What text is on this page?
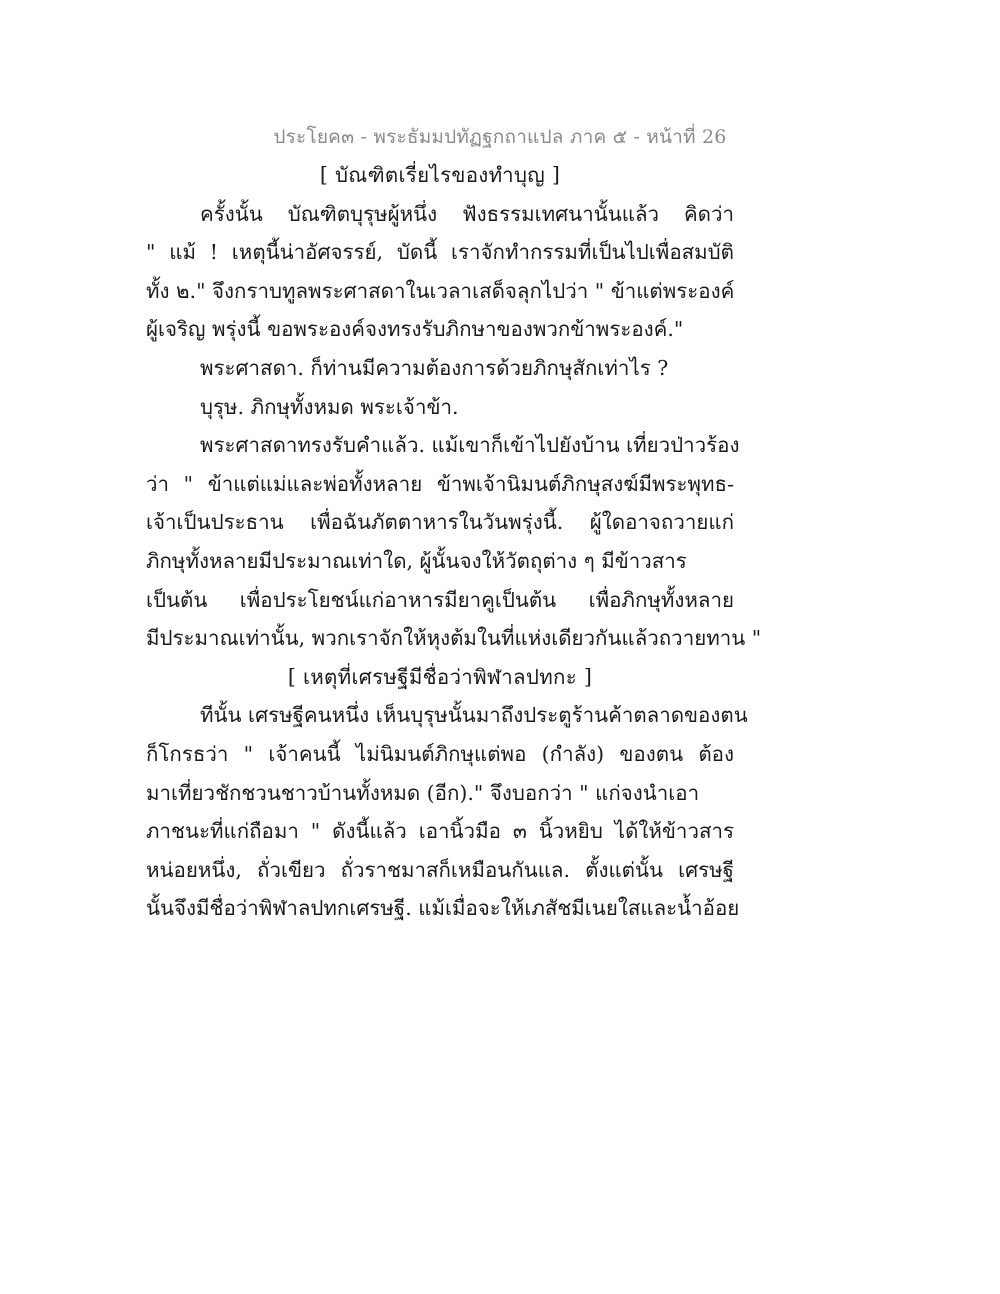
ประโยค๓ - พระธัมมปทัฏฐกถาแปล ภาค ๕ - หน้าที่ 26
[ บัณฑิตเรี่ยไรของทำบุญ ]
ครั้งนั้น บัณฑิตบุรุษผู้หนึ่ง ฟังธรรมเทศนานั้นแล้ว คิดว่า
" แม้ ! เหตุนี้น่าอัศจรรย์, บัดนี้ เราจักทำกรรมที่เป็นไปเพื่อสมบัติ
ทั้ง ๒." จึงกราบทูลพระศาสดาในเวลาเสด็จลุกไปว่า " ข้าแต่พระองค์
ผู้เจริญ พรุ่งนี้ ขอพระองค์จงทรงรับภิกษาของพวกข้าพระองค์."
พระศาสดา. ก็ท่านมีความต้องการด้วยภิกษุสักเท่าไร ?
บุรุษ. ภิกษุทั้งหมด พระเจ้าข้า.
พระศาสดาทรงรับคำแล้ว. แม้เขาก็เข้าไปยังบ้าน เที่ยวป่าวร้อง
ว่า " ข้าแต่แม่และพ่อทั้งหลาย ข้าพเจ้านิมนต์ภิกษุสงฆ์มีพระพุทธ-
เจ้าเป็นประธาน เพื่อฉันภัตตาหารในวันพรุ่งนี้. ผู้ใดอาจถวายแก่
ภิกษุทั้งหลายมีประมาณเท่าใด, ผู้นั้นจงให้วัตถุต่าง ๆ มีข้าวสาร
เป็นต้น เพื่อประโยชน์แก่อาหารมียาคูเป็นต้น เพื่อภิกษุทั้งหลาย
มีประมาณเท่านั้น, พวกเราจักให้หุงต้มในที่แห่งเดียวกันแล้วถวายทาน "
[ เหตุที่เศรษฐีมีชื่อว่าพิฬาลปทกะ ]
ทีนั้น เศรษฐีคนหนึ่ง เห็นบุรุษนั้นมาถึงประตูร้านค้าตลาดของตน
ก็โกรธว่า " เจ้าคนนี้ ไม่นิมนต์ภิกษุแต่พอ (กำลัง) ของตน ต้อง
มาเที่ยวชักชวนชาวบ้านทั้งหมด (อีก)." จึงบอกว่า " แก่จงนำเอา
ภาชนะที่แก่ถือมา " ดังนี้แล้ว เอานิ้วมือ ๓ นิ้วหยิบ ได้ให้ข้าวสาร
หน่อยหนึ่ง, ถั่วเขียว ถั่วราชมาสก็เหมือนกันแล. ตั้งแต่นั้น เศรษฐี
นั้นจึงมีชื่อว่าพิฬาลปทกเศรษฐี. แม้เมื่อจะให้เภสัชมีเนยใสและน้ำอ้อย
